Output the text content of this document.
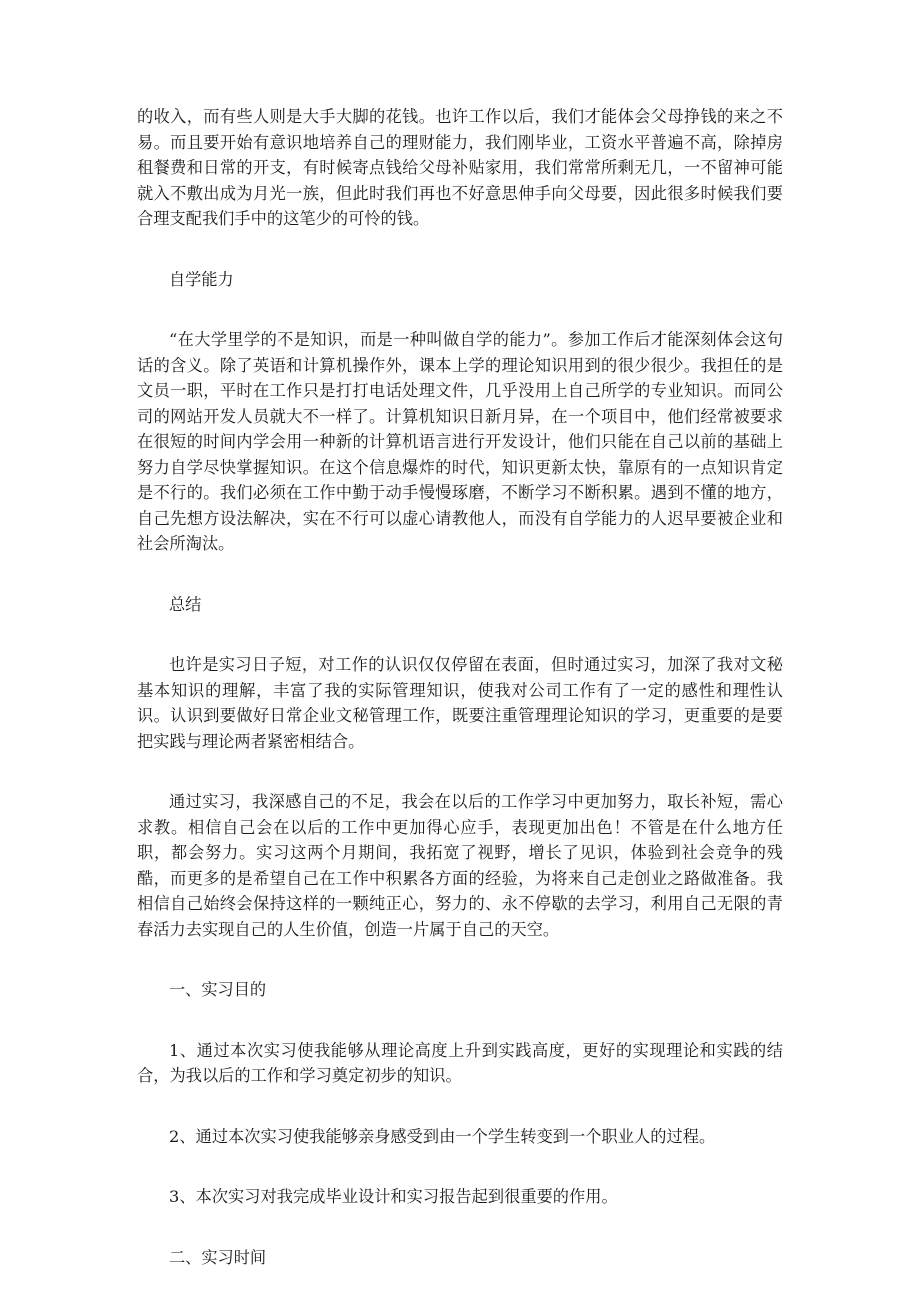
的收入，而有些人则是大手大脚的花钱。也许工作以后，我们才能体会父母挣钱的来之不易。而且要开始有意识地培养自己的理财能力，我们刚毕业，工资水平普遍不高，除掉房租餐费和日常的开支，有时候寄点钱给父母补贴家用，我们常常所剩无几，一不留神可能就入不敷出成为月光一族，但此时我们再也不好意思伸手向父母要，因此很多时候我们要合理支配我们手中的这笔少的可怜的钱。

自学能力

“在大学里学的不是知识，而是一种叫做自学的能力”。参加工作后才能深刻体会这句话的含义。除了英语和计算机操作外，课本上学的理论知识用到的很少很少。我担任的是文员一职，平时在工作只是打打电话处理文件，几乎没用上自己所学的专业知识。而同公司的网站开发人员就大不一样了。计算机知识日新月异，在一个项目中，他们经常被要求在很短的时间内学会用一种新的计算机语言进行开发设计，他们只能在自己以前的基础上努力自学尽快掌握知识。在这个信息爆炸的时代，知识更新太快，靠原有的一点知识肯定是不行的。我们必须在工作中勤于动手慢慢琢磨，不断学习不断积累。遇到不懂的地方，自己先想方设法解决，实在不行可以虚心请教他人，而没有自学能力的人迟早要被企业和社会所淘汰。

总结

也许是实习日子短，对工作的认识仅仅停留在表面，但时通过实习，加深了我对文秘基本知识的理解，丰富了我的实际管理知识，使我对公司工作有了一定的感性和理性认识。认识到要做好日常企业文秘管理工作，既要注重管理理论知识的学习，更重要的是要把实践与理论两者紧密相结合。

通过实习，我深感自己的不足，我会在以后的工作学习中更加努力，取长补短，需心求教。相信自己会在以后的工作中更加得心应手，表现更加出色！不管是在什么地方任职，都会努力。实习这两个月期间，我拓宽了视野，增长了见识，体验到社会竞争的残酷，而更多的是希望自己在工作中积累各方面的经验，为将来自己走创业之路做准备。我相信自己始终会保持这样的一颗纯正心，努力的、永不停歇的去学习，利用自己无限的青春活力去实现自己的人生价值，创造一片属于自己的天空。

一、实习目的

1、通过本次实习使我能够从理论高度上升到实践高度，更好的实现理论和实践的结合，为我以后的工作和学习奠定初步的知识。

2、通过本次实习使我能够亲身感受到由一个学生转变到一个职业人的过程。

3、本次实习对我完成毕业设计和实习报告起到很重要的作用。

二、实习时间
